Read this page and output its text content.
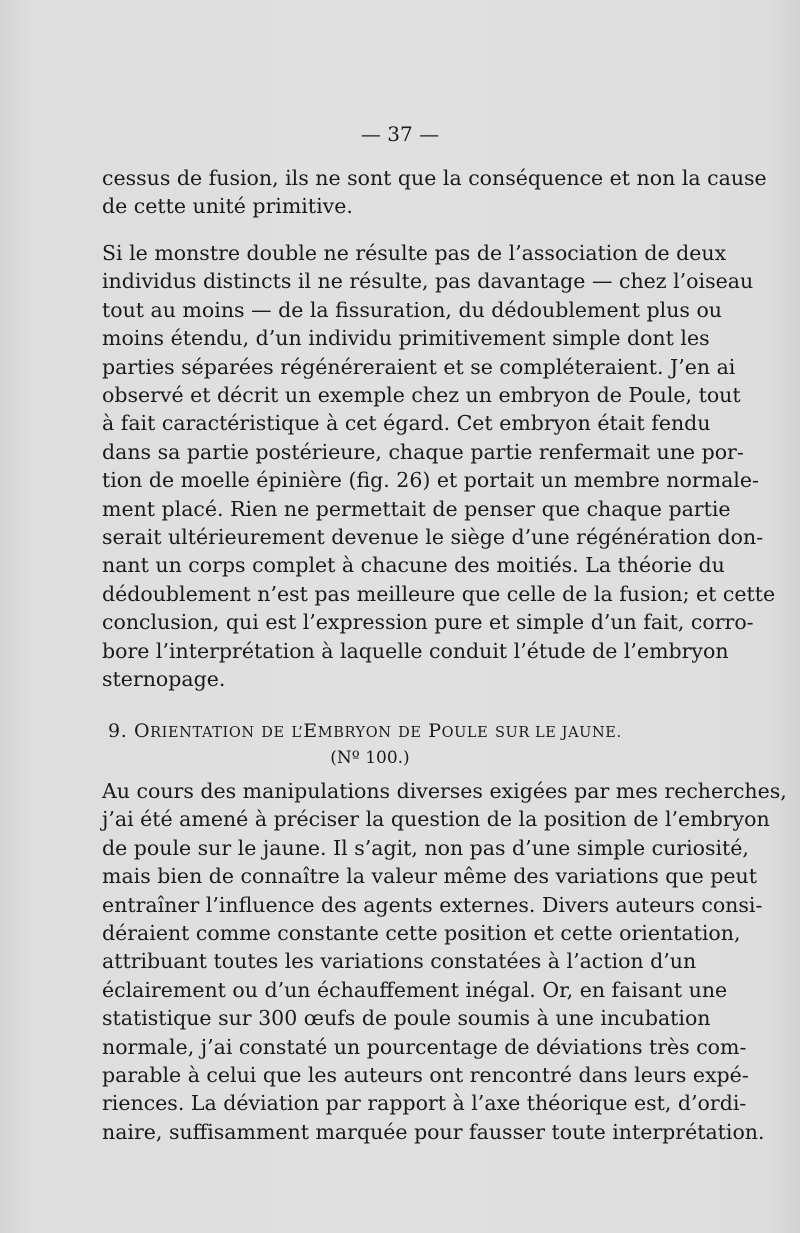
— 37 —
cessus de fusion, ils ne sont que la conséquence et non la cause
de cette unité primitive.
Si le monstre double ne résulte pas de l’association de deux
individus distincts il ne résulte, pas davantage — chez l’oiseau
tout au moins — de la fissuration, du dédoublement plus ou
moins étendu, d’un individu primitivement simple dont les
parties séparées régénéreraient et se compléteraient. J’en ai
observé et décrit un exemple chez un embryon de Poule, tout
à fait caractéristique à cet égard. Cet embryon était fendu
dans sa partie postérieure, chaque partie renfermait une por-
tion de moelle épinière (fig. 26) et portait un membre normale-
ment placé. Rien ne permettait de penser que chaque partie
serait ultérieurement devenue le siège d’une régénération don-
nant un corps complet à chacune des moitiés. La théorie du
dédoublement n’est pas meilleure que celle de la fusion; et cette
conclusion, qui est l’expression pure et simple d’un fait, corro-
bore l’interprétation à laquelle conduit l’étude de l’embryon
sternopage.
9. ORIENTATION DE L’EMBRYON DE POULE SUR LE JAUNE.
(Nº 100.)
Au cours des manipulations diverses exigées par mes recherches,
j’ai été amené à préciser la question de la position de l’embryon
de poule sur le jaune. Il s’agit, non pas d’une simple curiosité,
mais bien de connaître la valeur même des variations que peut
entraîner l’influence des agents externes. Divers auteurs consi-
déraient comme constante cette position et cette orientation,
attribuant toutes les variations constatées à l’action d’un
éclairement ou d’un échauffement inégal. Or, en faisant une
statistique sur 300 œufs de poule soumis à une incubation
normale, j’ai constaté un pourcentage de déviations très com-
parable à celui que les auteurs ont rencontré dans leurs expé-
riences. La déviation par rapport à l’axe théorique est, d’ordi-
naire, suffisamment marquée pour fausser toute interprétation.
